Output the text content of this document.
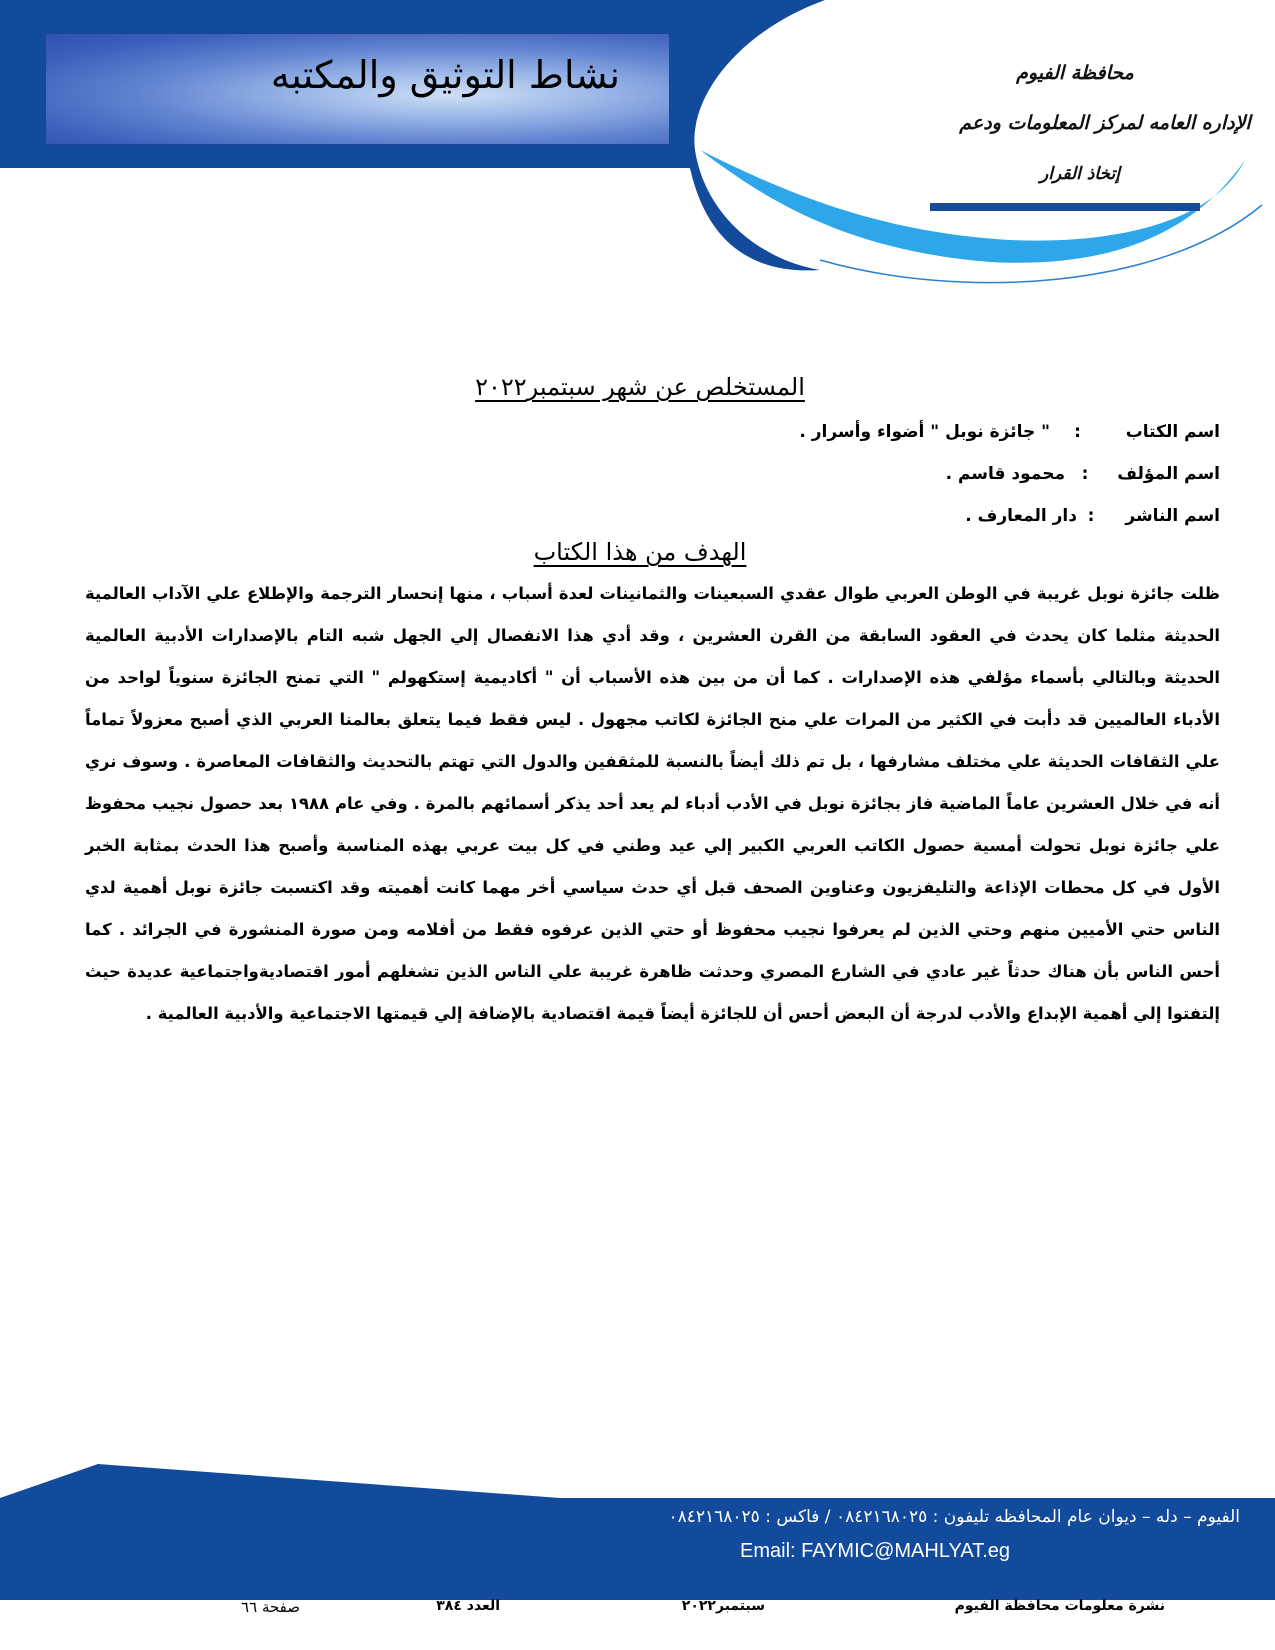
نشاط التوثيق والمكتبه	محافظة الفيوم
الإداره العامه لمركز المعلومات ودعم
إتخاذ القرار
المستخلص عن شهر سبتمبر٢٠٢٢
اسم الكتاب:" جائزة نوبل " أضواء وأسرار .
اسم المؤلف:محمود قاسم .
اسم الناشر:دار المعارف .
الهدف من هذا الكتاب
ظلت جائزة نوبل غريبة في الوطن العربي طوال عقدي السبعينات والثمانينات لعدة أسباب ، منها إنحسار الترجمة والإطلاع علي الآداب العالمية الحديثة مثلما كان يحدث في العقود السابقة من القرن العشرين ، وقد أدي هذا الانفصال إلي الجهل شبه التام بالإصدارات الأدبية العالمية الحديثة وبالتالي بأسماء مؤلفي هذه الإصدارات . كما أن من بين هذه الأسباب أن " أكاديمية إستكهولم " التي تمنح الجائزة سنوياً لواحد من الأدباء العالميين قد دأبت في الكثير من المرات علي منح الجائزة لكاتب مجهول . ليس فقط فيما يتعلق بعالمنا العربي الذي أصبح معزولاً تماماً علي الثقافات الحديثة علي مختلف مشارفها ، بل تم ذلك أيضاً بالنسبة للمثقفين والدول التي تهتم بالتحديث والثقافات المعاصرة . وسوف نري أنه في خلال العشرين عاماً الماضية فاز بجائزة نوبل في الأدب أدباء لم يعد أحد يذكر أسمائهم بالمرة . وفي عام ١٩٨٨ بعد حصول نجيب محفوظ علي جائزة نوبل تحولت أمسية حصول الكاتب العربي الكبير إلي عيد وطني في كل بيت عربي بهذه المناسبة وأصبح هذا الحدث بمثابة الخبر الأول في كل محطات الإذاعة والتليفزيون وعناوين الصحف قبل أي حدث سياسي أخر مهما كانت أهميته وقد اكتسبت جائزة نوبل أهمية لدي الناس حتي الأميين منهم وحتي الذين لم يعرفوا نجيب محفوظ أو حتي الذين عرفوه فقط من أفلامه ومن صورة المنشورة في الجرائد . كما أحس الناس بأن هناك حدثاً غير عادي في الشارع المصري وحدثت ظاهرة غريبة علي الناس الذين تشغلهم أمور اقتصاديةواجتماعية عديدة حيث إلتفتوا إلي أهمية الإبداع والأدب لدرجة أن البعض أحس أن للجائزة أيضاً قيمة اقتصادية بالإضافة إلي قيمتها الاجتماعية والأدبية العالمية .
الفيوم – دله – ديوان عام المحافظه تليفون : ٠٨٤٢١٦٨٠٢٥ / فاكس : ٠٨٤٢١٦٨٠٢٥
Email: FAYMIC@MAHLYAT.eg
نشرة معلومات محافظة الفيوم
سبتمبر٢٠٢٢
العدد ٣٨٤
صفحة ٦٦
